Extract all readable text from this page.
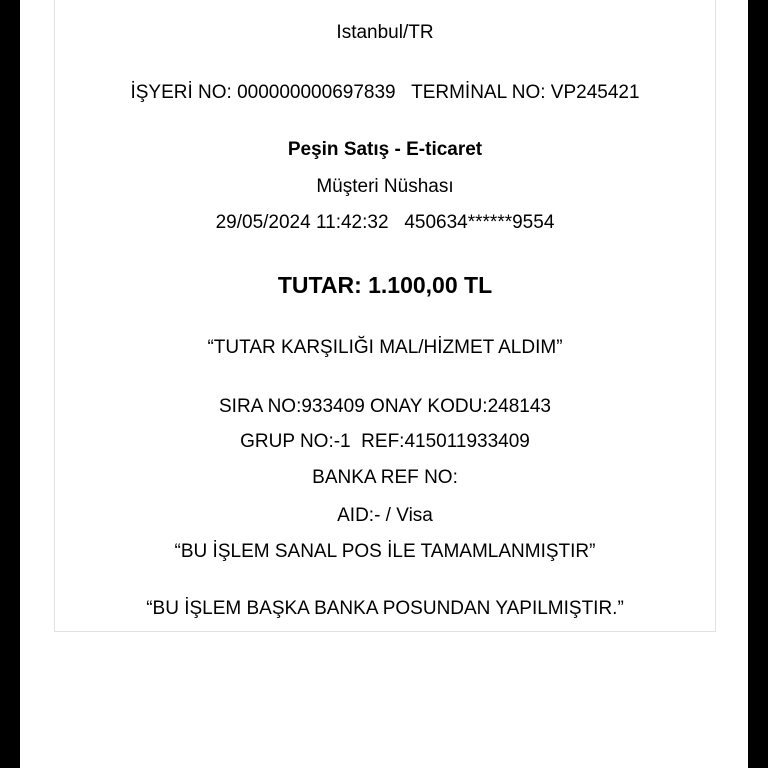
Istanbul/TR
İŞYERİ NO: 000000000697839   TERMİNAL NO: VP245421
Peşin Satış - E-ticaret
Müşteri Nüshası
29/05/2024 11:42:32   450634******9554
TUTAR: 1.100,00 TL
“TUTAR KARŞILIĞI MAL/HİZMET ALDIM”
SIRA NO:933409 ONAY KODU:248143
GRUP NO:-1  REF:415011933409
BANKA REF NO:
AID:- / Visa
“BU İŞLEM SANAL POS İLE TAMAMLANMIŞTIR”
“BU İŞLEM BAŞKA BANKA POSUNDAN YAPILMIŞTIR.”
